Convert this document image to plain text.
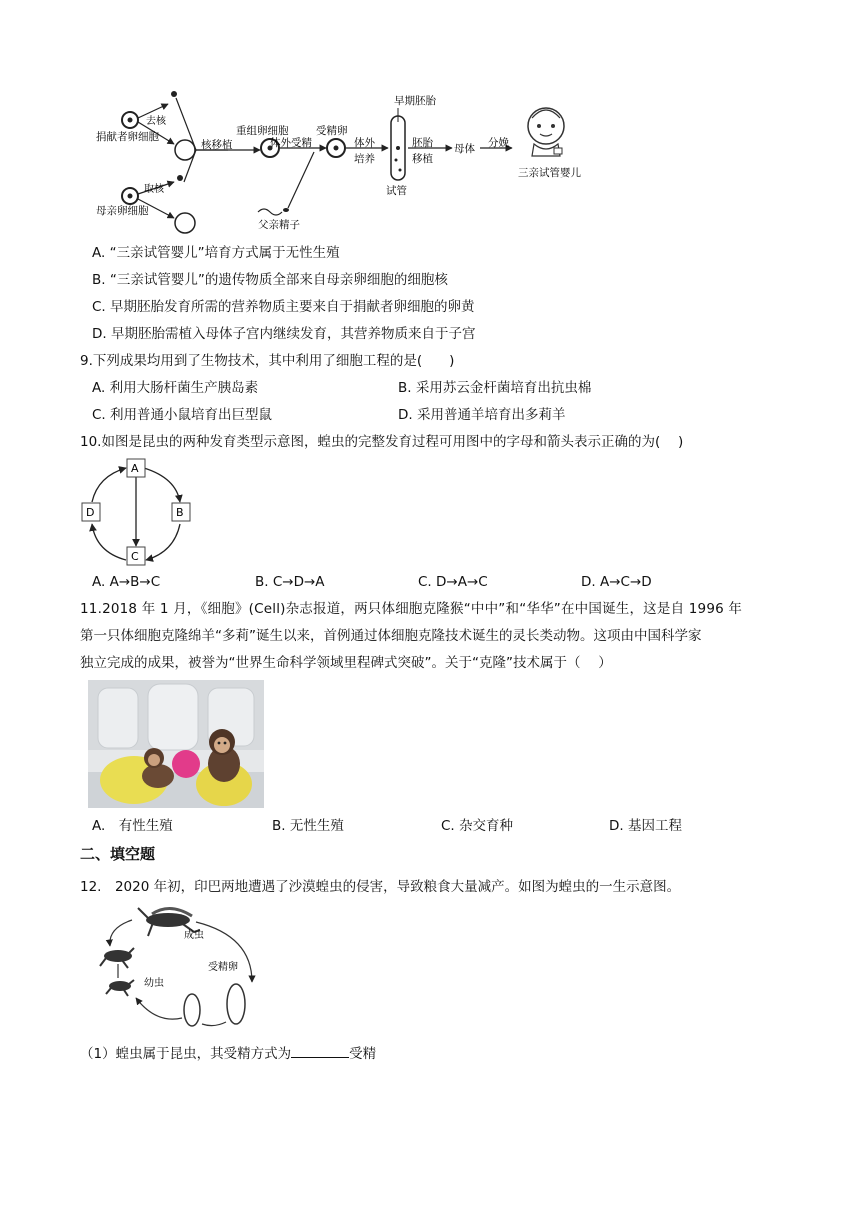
去核
捐献者卵细胞
取核
母亲卵细胞
核移植
重组卵细胞
体外受精
父亲精子
受精卵
体外
培养
早期胚胎
试管
胚胎
移植
母体 分娩
三亲试管婴儿
A. “三亲试管婴儿”培育方式属于无性生殖
B. “三亲试管婴儿”的遗传物质全部来自母亲卵细胞的细胞核
C. 早期胚胎发育所需的营养物质主要来自于捐献者卵细胞的卵黄
D. 早期胚胎需植入母体子宫内继续发育，其营养物质来自于子宫
9.下列成果均用到了生物技术，其中利用了细胞工程的是(　　)
A. 利用大肠杆菌生产胰岛素	B. 采用苏云金杆菌培育出抗虫棉
C. 利用普通小鼠培育出巨型鼠	D. 采用普通羊培育出多莉羊
10.如图是昆虫的两种发育类型示意图，蝗虫的完整发育过程可用图中的字母和箭头表示正确的为(　 )
A
B
C
D
A. A→B→C	B. C→D→A	C. D→A→C	D. A→C→D
11.2018 年 1 月，《细胞》(Cell)杂志报道，两只体细胞克隆猴“中中”和“华华”在中国诞生，这是自 1996 年
第一只体细胞克隆绵羊“多莉”诞生以来，首例通过体细胞克隆技术诞生的灵长类动物。这项由中国科学家
独立完成的成果，被誉为“世界生命科学领域里程碑式突破”。关于“克隆”技术属于（　 ）
A.　有性生殖	B. 无性生殖	C. 杂交育种	D. 基因工程
二、填空题
12.　2020 年初，印巴两地遭遇了沙漠蝗虫的侵害，导致粮食大量减产。如图为蝗虫的一生示意图。
成虫
幼虫
受精卵
（1）蝗虫属于昆虫，其受精方式为	受精
